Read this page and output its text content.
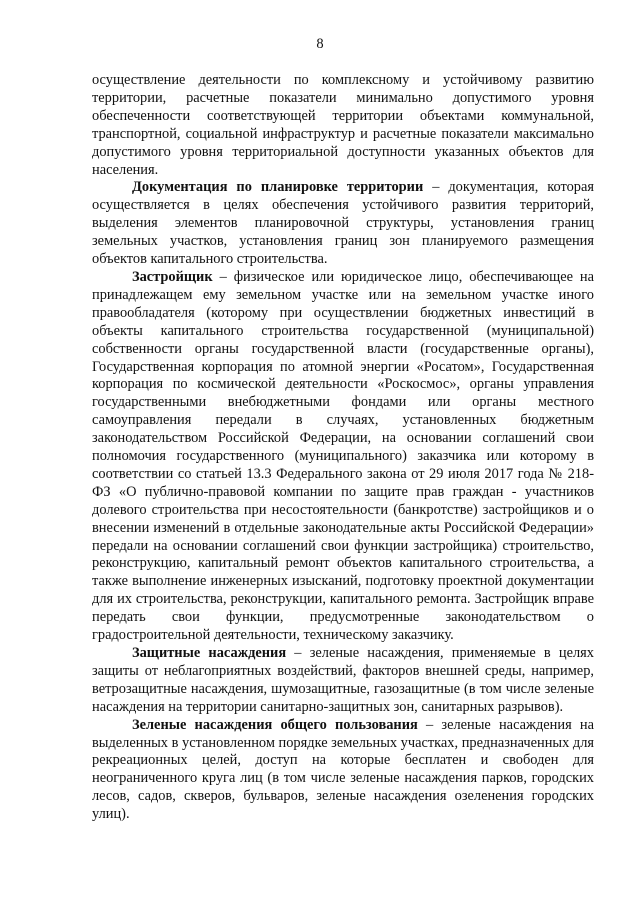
8

осуществление деятельности по комплексному и устойчивому развитию территории, расчетные показатели минимально допустимого уровня обеспеченности соответствующей территории объектами коммунальной, транспортной, социальной инфраструктур и расчетные показатели максимально допустимого уровня территориальной доступности указанных объектов для населения.

Документация по планировке территории – документация, которая осуществляется в целях обеспечения устойчивого развития территорий, выделения элементов планировочной структуры, установления границ земельных участков, установления границ зон планируемого размещения объектов капитального строительства.

Застройщик – физическое или юридическое лицо, обеспечивающее на принадлежащем ему земельном участке или на земельном участке иного правообладателя (которому при осуществлении бюджетных инвестиций в объекты капитального строительства государственной (муниципальной) собственности органы государственной власти (государственные органы), Государственная корпорация по атомной энергии «Росатом», Государственная корпорация по космической деятельности «Роскосмос», органы управления государственными внебюджетными фондами или органы местного самоуправления передали в случаях, установленных бюджетным законодательством Российской Федерации, на основании соглашений свои полномочия государственного (муниципального) заказчика или которому в соответствии со статьей 13.3 Федерального закона от 29 июля 2017 года № 218-ФЗ «О публично-правовой компании по защите прав граждан - участников долевого строительства при несостоятельности (банкротстве) застройщиков и о внесении изменений в отдельные законодательные акты Российской Федерации» передали на основании соглашений свои функции застройщика) строительство, реконструкцию, капитальный ремонт объектов капитального строительства, а также выполнение инженерных изысканий, подготовку проектной документации для их строительства, реконструкции, капитального ремонта. Застройщик вправе передать свои функции, предусмотренные законодательством о градостроительной деятельности, техническому заказчику.

Защитные насаждения – зеленые насаждения, применяемые в целях защиты от неблагоприятных воздействий, факторов внешней среды, например, ветрозащитные насаждения, шумозащитные, газозащитные (в том числе зеленые насаждения на территории санитарно-защитных зон, санитарных разрывов).

Зеленые насаждения общего пользования – зеленые насаждения на выделенных в установленном порядке земельных участках, предназначенных для рекреационных целей, доступ на которые бесплатен и свободен для неограниченного круга лиц (в том числе зеленые насаждения парков, городских лесов, садов, скверов, бульваров, зеленые насаждения озеленения городских улиц).
